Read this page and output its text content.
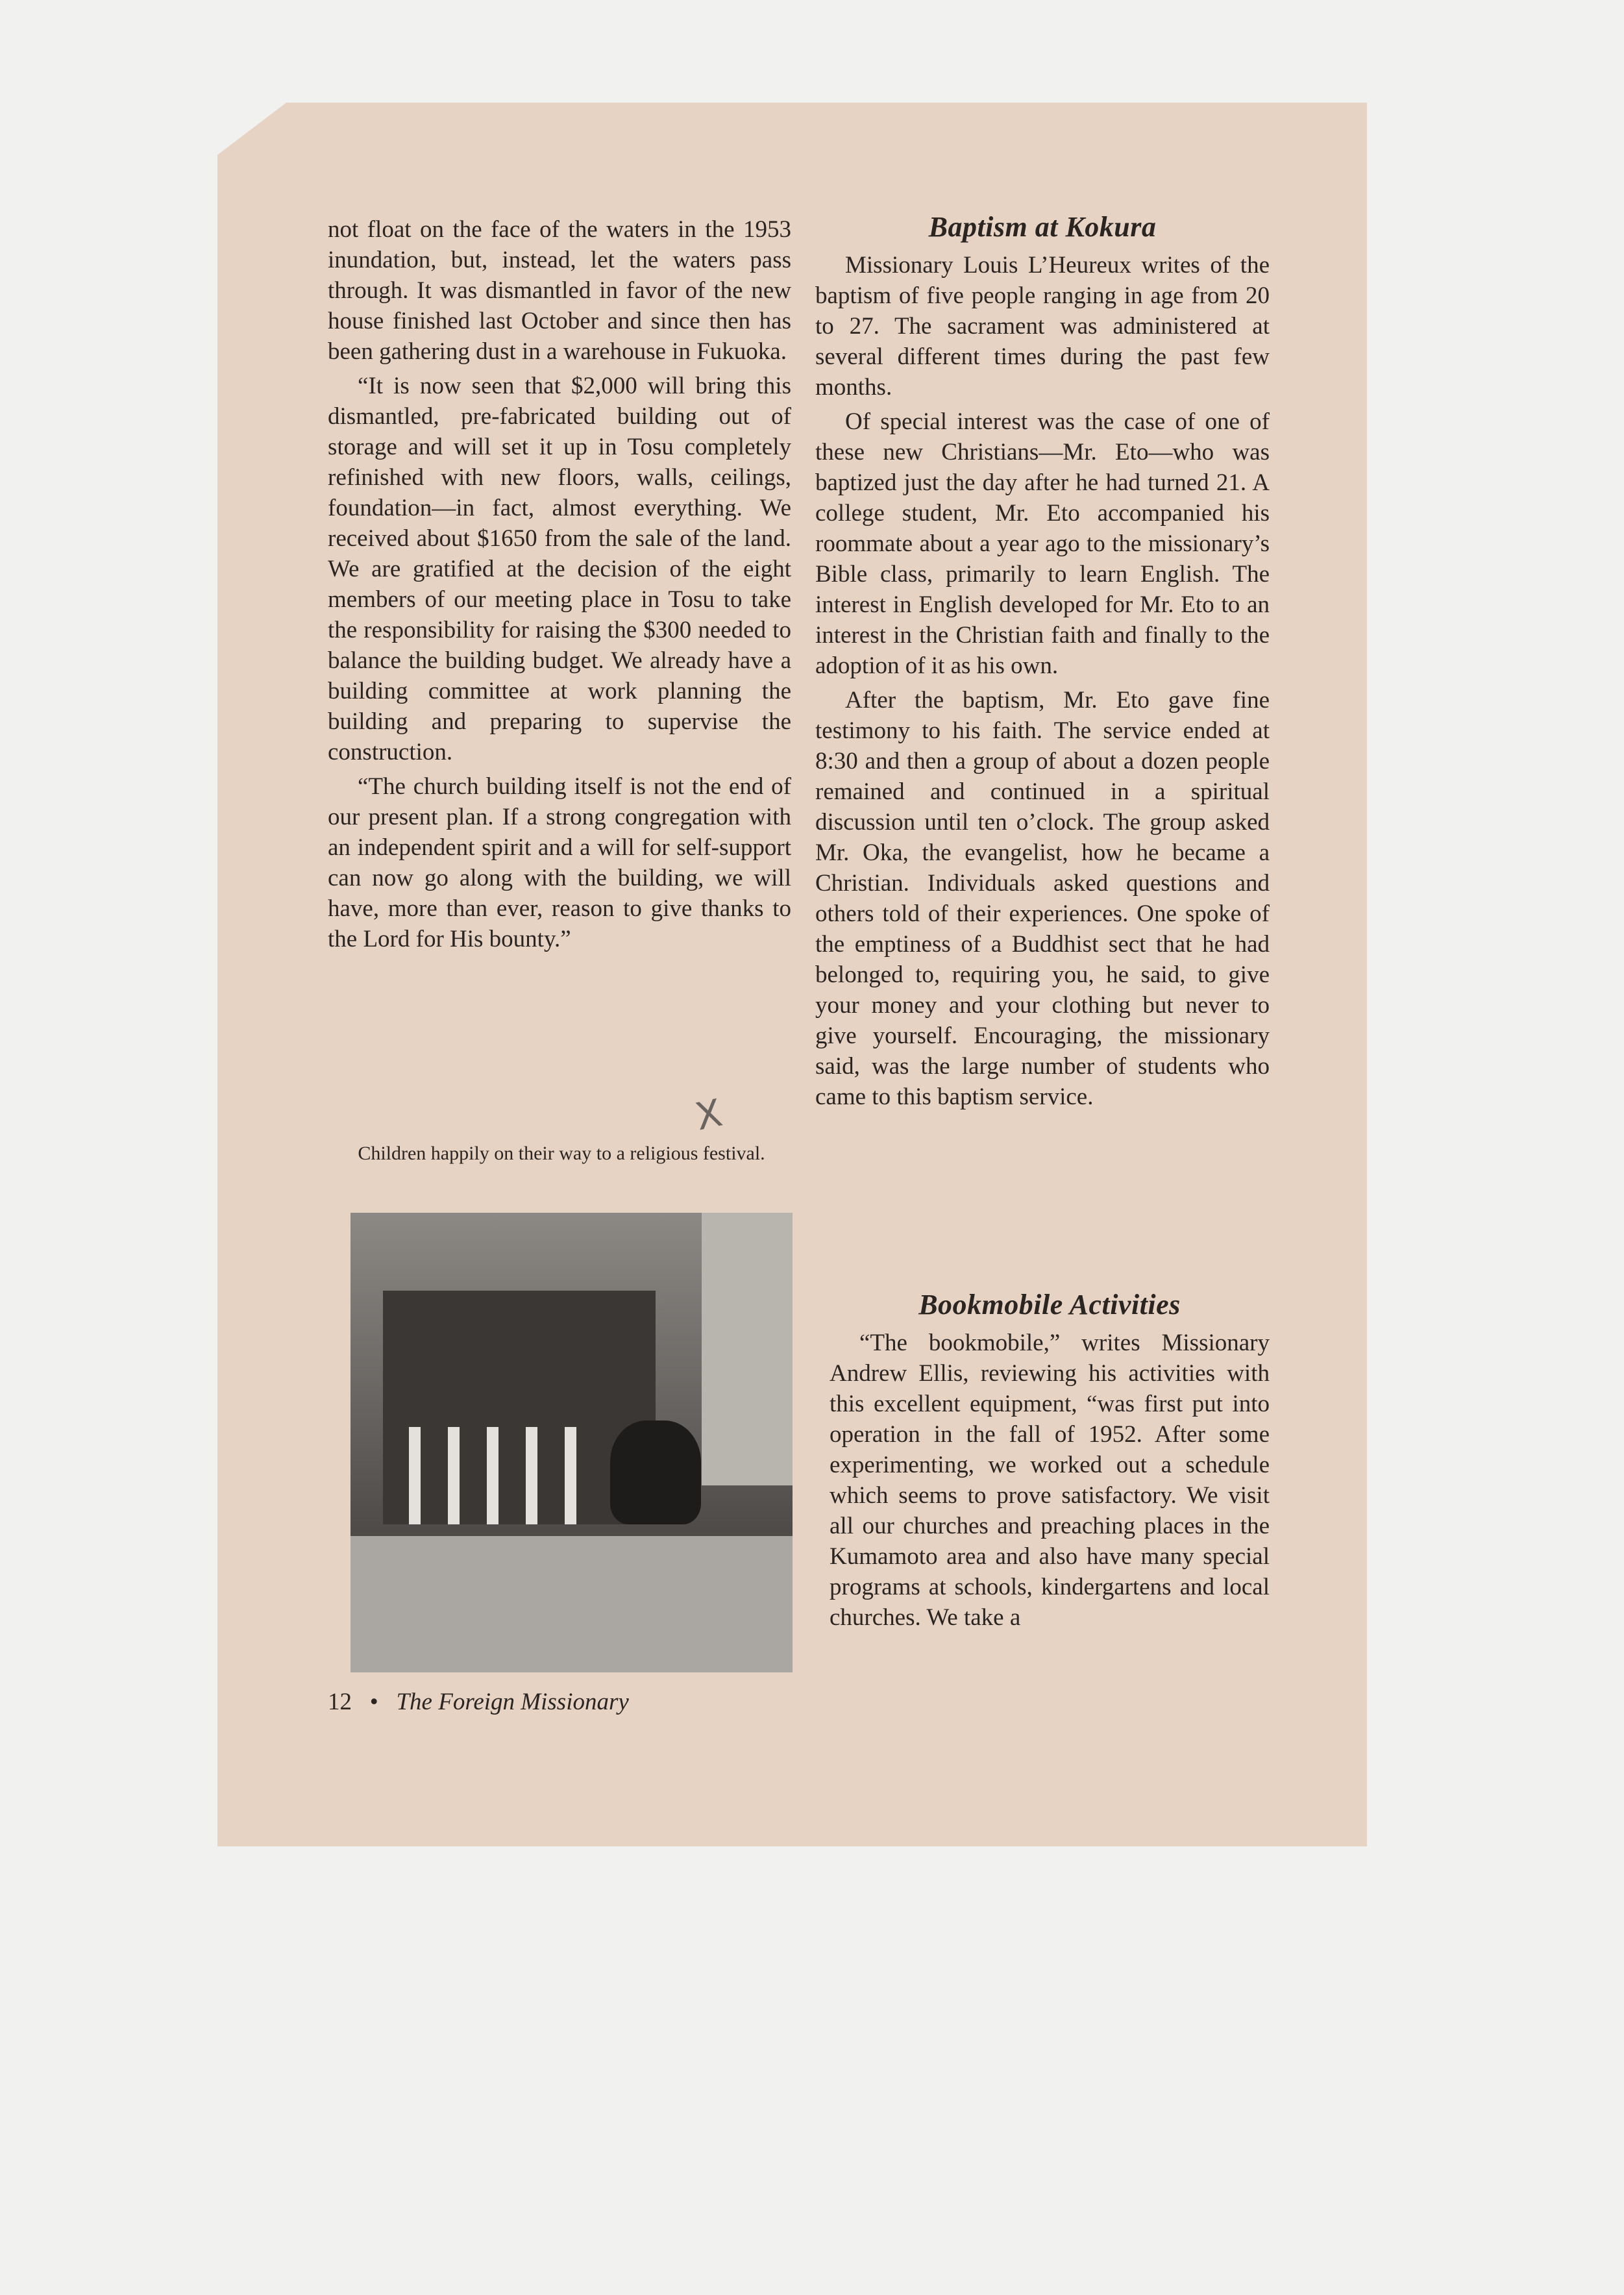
not float on the face of the waters in the 1953 inundation, but, instead, let the waters pass through. It was dismantled in favor of the new house finished last October and since then has been gathering dust in a warehouse in Fukuoka.

“It is now seen that $2,000 will bring this dismantled, pre-fabricated building out of storage and will set it up in Tosu completely refinished with new floors, walls, ceilings, foundation—in fact, almost everything. We received about $1650 from the sale of the land. We are gratified at the decision of the eight members of our meeting place in Tosu to take the responsibility for raising the $300 needed to balance the building budget. We already have a building committee at work planning the building and preparing to supervise the construction.

“The church building itself is not the end of our present plan. If a strong congregation with an independent spirit and a will for self-support can now go along with the building, we will have, more than ever, reason to give thanks to the Lord for His bounty.”

X
Children happily on their way to a religious festival.
12 • The Foreign Missionary
Baptism at Kokura

Missionary Louis L’Heureux writes of the baptism of five people ranging in age from 20 to 27. The sacrament was administered at several different times during the past few months.

Of special interest was the case of one of these new Christians—Mr. Eto—who was baptized just the day after he had turned 21. A college student, Mr. Eto accompanied his roommate about a year ago to the missionary’s Bible class, primarily to learn English. The interest in English developed for Mr. Eto to an interest in the Christian faith and finally to the adoption of it as his own.

After the baptism, Mr. Eto gave fine testimony to his faith. The service ended at 8:30 and then a group of about a dozen people remained and continued in a spiritual discussion until ten o’clock. The group asked Mr. Oka, the evangelist, how he became a Christian. Individuals asked questions and others told of their experiences. One spoke of the emptiness of a Buddhist sect that he had belonged to, requiring you, he said, to give your money and your clothing but never to give yourself. Encouraging, the missionary said, was the large number of students who came to this baptism service.

Bookmobile Activities

“The bookmobile,” writes Missionary Andrew Ellis, reviewing his activities with this excellent equipment, “was first put into operation in the fall of 1952. After some experimenting, we worked out a schedule which seems to prove satisfactory. We visit all our churches and preaching places in the Kumamoto area and also have many special programs at schools, kindergartens and local churches. We take a
